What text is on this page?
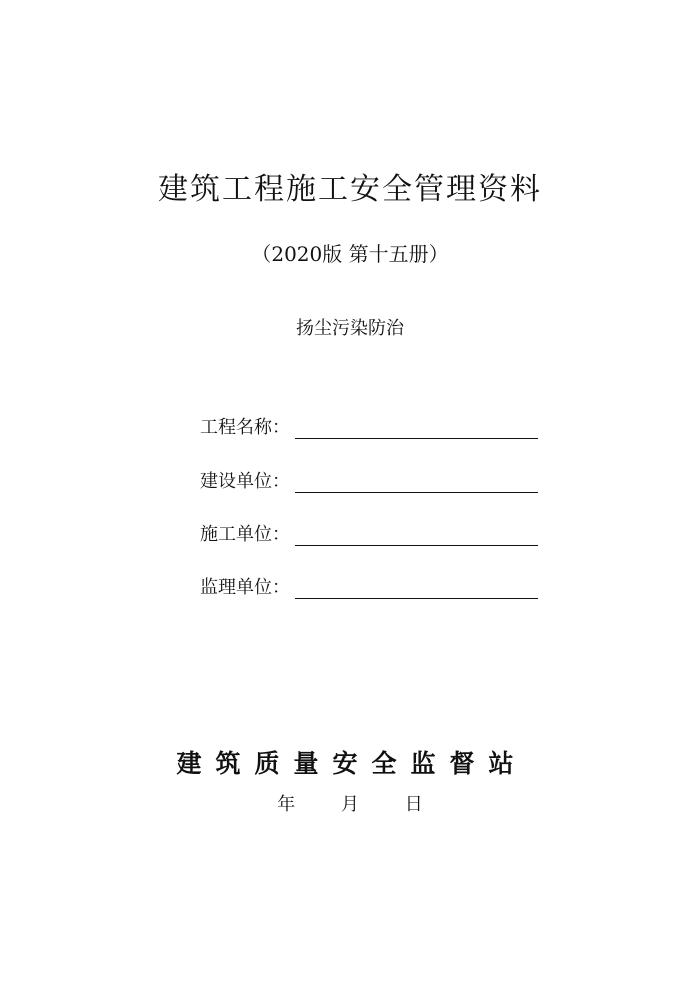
建筑工程施工安全管理资料
（2020版 第十五册）
扬尘污染防治
工程名称：
建设单位：
施工单位：
监理单位：
建筑质量安全监督站
年	月	日
